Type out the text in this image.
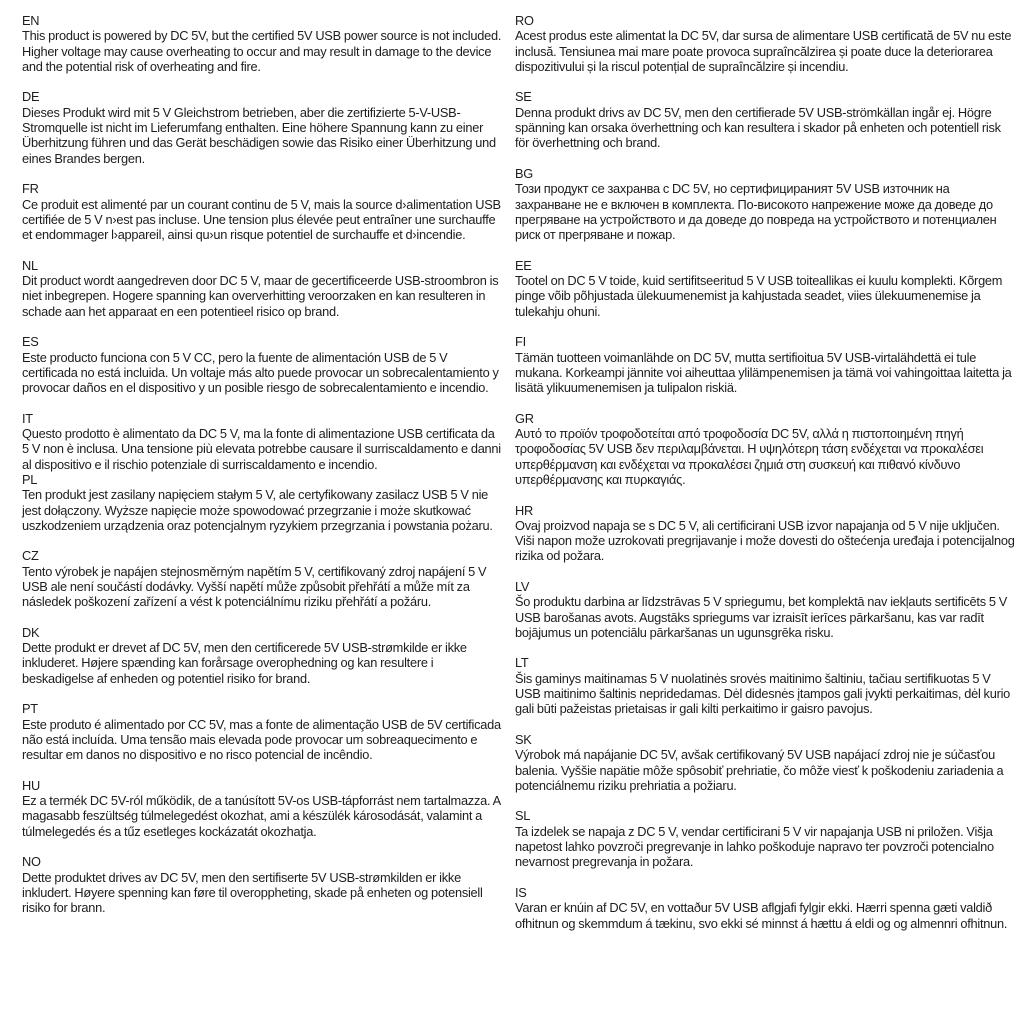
EN

This product is powered by DC 5V, but the certified 5V USB power source is not included. Higher voltage may cause overheating to occur and may result in damage to the device and the potential risk of overheating and fire.

DE

Dieses Produkt wird mit 5 V Gleichstrom betrieben, aber die zertifizierte 5-V-USB-Stromquelle ist nicht im Lieferumfang enthalten. Eine höhere Spannung kann zu einer Überhitzung führen und das Gerät beschädigen sowie das Risiko einer Überhitzung und eines Brandes bergen.

FR

Ce produit est alimenté par un courant continu de 5 V, mais la source d›alimentation USB certifiée de 5 V n›est pas incluse. Une tension plus élevée peut entraîner une surchauffe et endommager l›appareil, ainsi qu›un risque potentiel de surchauffe et d›incendie.

NL

Dit product wordt aangedreven door DC 5 V, maar de gecertificeerde USB-stroombron is niet inbegrepen. Hogere spanning kan oververhitting veroorzaken en kan resulteren in schade aan het apparaat en een potentieel risico op brand.

ES

Este producto funciona con 5 V CC, pero la fuente de alimentación USB de 5 V certificada no está incluida. Un voltaje más alto puede provocar un sobrecalentamiento y provocar daños en el dispositivo y un posible riesgo de sobrecalentamiento e incendio.

IT

Questo prodotto è alimentato da DC 5 V, ma la fonte di alimentazione USB certificata da 5 V non è inclusa. Una tensione più elevata potrebbe causare il surriscaldamento e danni al dispositivo e il rischio potenziale di surriscaldamento e incendio.

PL

Ten produkt jest zasilany napięciem stałym 5 V, ale certyfikowany zasilacz USB 5 V nie jest dołączony. Wyższe napięcie może spowodować przegrzanie i może skutkować uszkodzeniem urządzenia oraz potencjalnym ryzykiem przegrzania i powstania pożaru.

CZ

Tento výrobek je napájen stejnosměrným napětím 5 V, certifikovaný zdroj napájení 5 V USB ale není součástí dodávky. Vyšší napětí může způsobit přehřátí a může mít za následek poškození zařízení a vést k potenciálnímu riziku přehřátí a požáru.

DK

Dette produkt er drevet af DC 5V, men den certificerede 5V USB-strømkilde er ikke inkluderet. Højere spænding kan forårsage overophedning og kan resultere i beskadigelse af enheden og potentiel risiko for brand.

PT

Este produto é alimentado por CC 5V, mas a fonte de alimentação USB de 5V certificada não está incluída. Uma tensão mais elevada pode provocar um sobreaquecimento e resultar em danos no dispositivo e no risco potencial de incêndio.

HU

Ez a termék DC 5V-ról működik, de a tanúsított 5V-os USB-tápforrást nem tartalmazza. A magasabb feszültség túlmelegedést okozhat, ami a készülék károsodását, valamint a túlmelegedés és a tűz esetleges kockázatát okozhatja.

NO

Dette produktet drives av DC 5V, men den sertifiserte 5V USB-strømkilden er ikke inkludert. Høyere spenning kan føre til overoppheting, skade på enheten og potensiell risiko for brann.

RO

Acest produs este alimentat la DC 5V, dar sursa de alimentare USB certificată de 5V nu este inclusă. Tensiunea mai mare poate provoca supraîncălzirea și poate duce la deteriorarea dispozitivului și la riscul potențial de supraîncălzire și incendiu.

SE

Denna produkt drivs av DC 5V, men den certifierade 5V USB-strömkällan ingår ej. Högre spänning kan orsaka överhettning och kan resultera i skador på enheten och potentiell risk för överhettning och brand.

BG

Този продукт се захранва с DC 5V, но сертифицираният 5V USB източник на захранване не е включен в комплекта. По-високото напрежение може да доведе до прегряване на устройството и да доведе до повреда на устройството и потенциален риск от прегряване и пожар.

EE

Tootel on DC 5 V toide, kuid sertifitseeritud 5 V USB toiteallikas ei kuulu komplekti. Kõrgem pinge võib põhjustada ülekuumenemist ja kahjustada seadet, viies ülekuumenemise ja tulekahju ohuni.

FI

Tämän tuotteen voimanlähde on DC 5V, mutta sertifioitua 5V USB-virtalähdettä ei tule mukana. Korkeampi jännite voi aiheuttaa ylilämpenemisen ja tämä voi vahingoittaa laitetta ja lisätä ylikuumenemisen ja tulipalon riskiä.

GR

Αυτό το προϊόν τροφοδοτείται από τροφοδοσία DC 5V, αλλά η πιστοποιημένη πηγή τροφοδοσίας 5V USB δεν περιλαμβάνεται. Η υψηλότερη τάση ενδέχεται να προκαλέσει υπερθέρμανση και ενδέχεται να προκαλέσει ζημιά στη συσκευή και πιθανό κίνδυνο υπερθέρμανσης και πυρκαγιάς.

HR

Ovaj proizvod napaja se s DC 5 V, ali certificirani USB izvor napajanja od 5 V nije uključen. Viši napon može uzrokovati pregrijavanje i može dovesti do oštećenja uređaja i potencijalnog rizika od požara.

LV

Šo produktu darbina ar līdzstrāvas 5 V spriegumu, bet komplektā nav iekļauts sertificēts 5 V USB barošanas avots. Augstāks spriegums var izraisīt ierīces pārkaršanu, kas var radīt bojājumus un potenciālu pārkaršanas un ugunsgrēka risku.

LT

Šis gaminys maitinamas 5 V nuolatinės srovės maitinimo šaltiniu, tačiau sertifikuotas 5 V USB maitinimo šaltinis nepridedamas. Dėl didesnės įtampos gali įvykti perkaitimas, dėl kurio gali būti pažeistas prietaisas ir gali kilti perkaitimo ir gaisro pavojus.

SK

Výrobok má napájanie DC 5V, avšak certifikovaný 5V USB napájací zdroj nie je súčasťou balenia. Vyššie napätie môže spôsobiť prehriatie, čo môže viesť k poškodeniu zariadenia a potenciálnemu riziku prehriatia a požiaru.

SL

Ta izdelek se napaja z DC 5 V, vendar certificirani 5 V vir napajanja USB ni priložen. Višja napetost lahko povzroči pregrevanje in lahko poškoduje napravo ter povzroči potencialno nevarnost pregrevanja in požara.

IS

Varan er knúin af DC 5V, en vottaður 5V USB aflgjafi fylgir ekki. Hærri spenna gæti valdið ofhitnun og skemmdum á tækinu, svo ekki sé minnst á hættu á eldi og og almennri ofhitnun.
